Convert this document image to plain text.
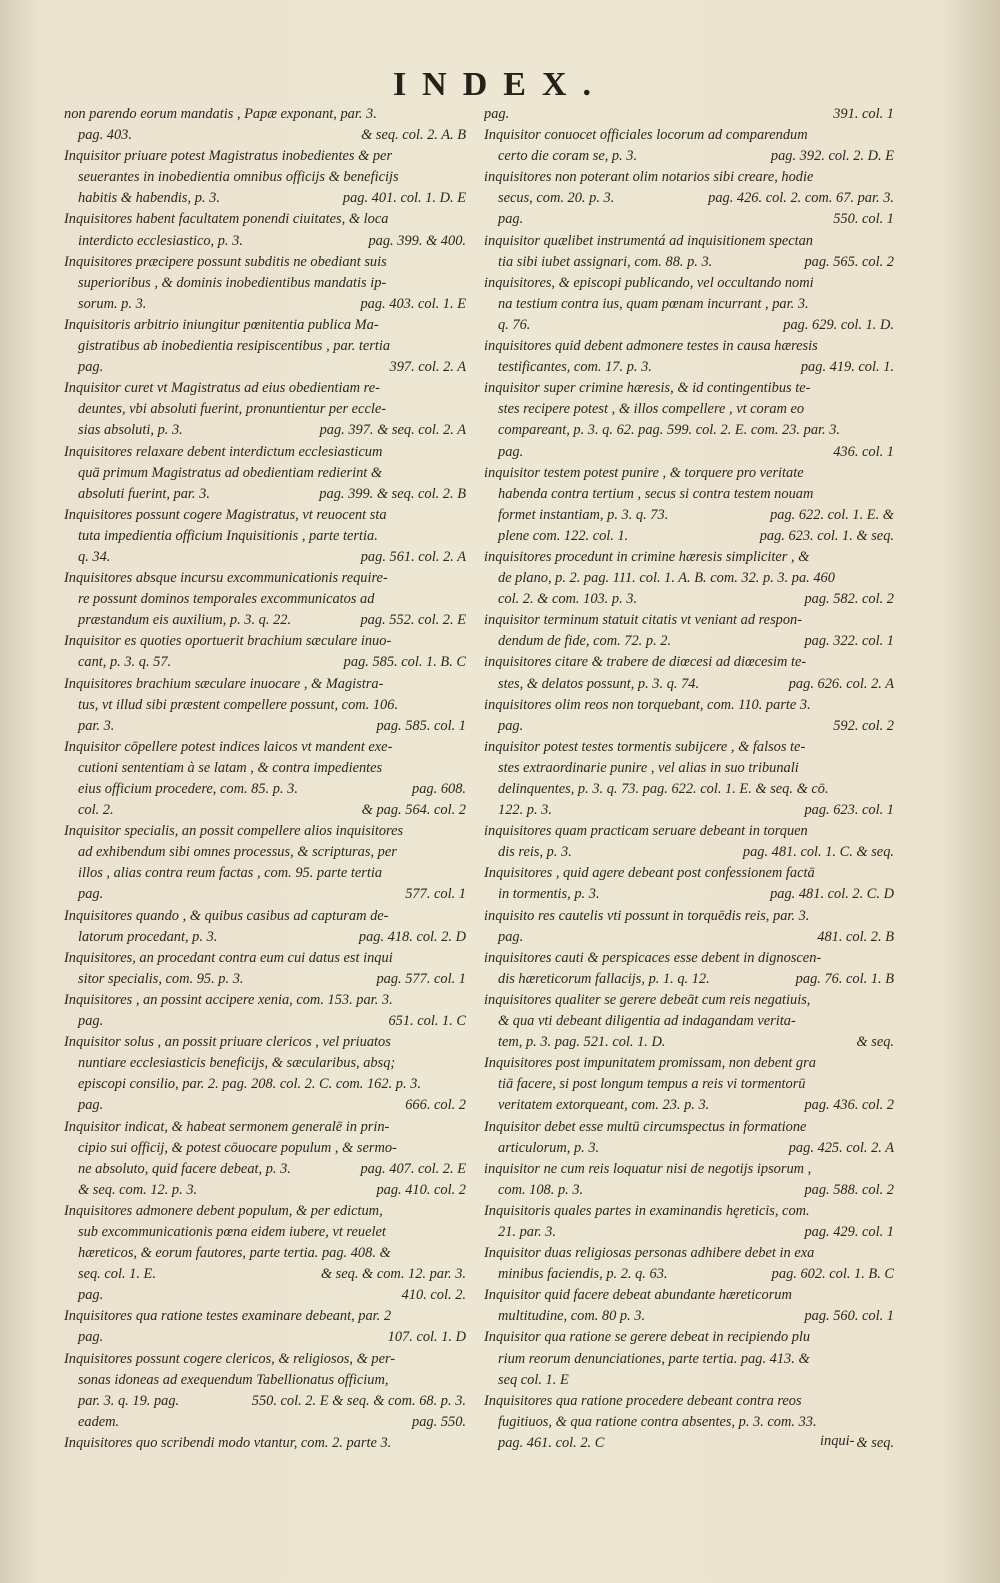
INDEX.
non parendo eorum mandatis , Papæ exponant, par. 3.
pag. 403.	& seq. col. 2. A. B
Inquisitor priuare potest Magistratus inobedientes & per
seuerantes in inobedientia omnibus officijs & beneficijs
habitis & habendis, p. 3.	pag. 401. col. 1. D. E
Inquisitores habent facultatem ponendi ciuitates, & loca
interdicto ecclesiastico, p. 3.	pag. 399. & 400.
Inquisitores præcipere possunt subditis ne obediant suis
superioribus , & dominis inobedientibus mandatis ip-
sorum. p. 3.	pag. 403. col. 1. E
Inquisitoris arbitrio iniungitur pœnitentia publica Ma-
gistratibus ab inobedientia resipiscentibus , par. tertia
pag.	397. col. 2. A
Inquisitor curet vt Magistratus ad eius obedientiam re-
deuntes, vbi absoluti fuerint, pronuntientur per eccle-
sias absoluti, p. 3.	pag. 397. & seq. col. 2. A
Inquisitores relaxare debent interdictum ecclesiasticum
quā primum Magistratus ad obedientiam redierint &
absoluti fuerint, par. 3.	pag. 399. & seq. col. 2. B
Inquisitores possunt cogere Magistratus, vt reuocent sta
tuta impedientia officium Inquisitionis , parte tertia.
q. 34.	pag. 561. col. 2. A
Inquisitores absque incursu excommunicationis require-
re possunt dominos temporales excommunicatos ad
præstandum eis auxilium, p. 3. q. 22.	pag. 552. col. 2. E
Inquisitor es quoties oportuerit brachium sæculare inuo-
cant, p. 3. q. 57.	pag. 585. col. 1. B. C
Inquisitores brachium sæculare inuocare , & Magistra-
tus, vt illud sibi præstent compellere possunt, com. 106.
par. 3.	pag. 585. col. 1
Inquisitor cōpellere potest indices laicos vt mandent exe-
cutioni sententiam à se latam , & contra impedientes
eius officium procedere, com. 85. p. 3.	pag. 608.
col. 2.	& pag. 564. col. 2
Inquisitor specialis, an possit compellere alios inquisitores
ad exhibendum sibi omnes processus, & scripturas, per
illos , alias contra reum factas , com. 95. parte tertia
pag.	577. col. 1
Inquisitores quando , & quibus casibus ad capturam de-
latorum procedant, p. 3.	pag. 418. col. 2. D
Inquisitores, an procedant contra eum cui datus est inqui
sitor specialis, com. 95. p. 3.	pag. 577. col. 1
Inquisitores , an possint accipere xenia, com. 153. par. 3.
pag.	651. col. 1. C
Inquisitor solus , an possit priuare clericos , vel priuatos
nuntiare ecclesiasticis beneficijs, & sæcularibus, absq;
episcopi consilio, par. 2. pag. 208. col. 2. C. com. 162. p. 3.
pag.	666. col. 2
Inquisitor indicat, & habeat sermonem generalē in prin-
cipio sui officij, & potest cōuocare populum , & sermo-
ne absoluto, quid facere debeat, p. 3.	pag. 407. col. 2. E
& seq. com. 12. p. 3.	pag. 410. col. 2
Inquisitores admonere debent populum, & per edictum,
sub excommunicationis pœna eidem iubere, vt reuelet
hæreticos, & eorum fautores, parte tertia. pag. 408. &
seq. col. 1. E.	& seq. & com. 12. par. 3.
pag.	410. col. 2.
Inquisitores qua ratione testes examinare debeant, par. 2
pag.	107. col. 1. D
Inquisitores possunt cogere clericos, & religiosos, & per-
sonas idoneas ad exequendum Tabellionatus officium,
par. 3. q. 19. pag.	550. col. 2. E & seq. & com. 68. p. 3.
eadem.	pag. 550.
Inquisitores quo scribendi modo vtantur, com. 2. parte 3.
pag.	391. col. 1
Inquisitor conuocet officiales locorum ad comparendum
certo die coram se, p. 3.	pag. 392. col. 2. D. E
inquisitores non poterant olim notarios sibi creare, hodie
secus, com. 20. p. 3.	pag. 426. col. 2. com. 67. par. 3.
pag.	550. col. 1
inquisitor quælibet instrumentá ad inquisitionem spectan
tia sibi iubet assignari, com. 88. p. 3.	pag. 565. col. 2
inquisitores, & episcopi publicando, vel occultando nomi
na testium contra ius, quam pœnam incurrant , par. 3.
q. 76.	pag. 629. col. 1. D.
inquisitores quid debent admonere testes in causa hæresis
testificantes, com. 17. p. 3.	pag. 419. col. 1.
inquisitor super crimine hæresis, & id contingentibus te-
stes recipere potest , & illos compellere , vt coram eo
compareant, p. 3. q. 62. pag. 599. col. 2. E. com. 23. par. 3.
pag.	436. col. 1
inquisitor testem potest punire , & torquere pro veritate
habenda contra tertium , secus si contra testem nouam
formet instantiam, p. 3. q. 73.	pag. 622. col. 1. E. &
plene com. 122. col. 1.	pag. 623. col. 1. & seq.
inquisitores procedunt in crimine hæresis simpliciter , &
de plano, p. 2. pag. 111. col. 1. A. B. com. 32. p. 3. pa. 460
col. 2. & com. 103. p. 3.	pag. 582. col. 2
inquisitor terminum statuit citatis vt veniant ad respon-
dendum de fide, com. 72. p. 2.	pag. 322. col. 1
inquisitores citare & trabere de diœcesi ad diœcesim te-
stes, & delatos possunt, p. 3. q. 74.	pag. 626. col. 2. A
inquisitores olim reos non torquebant, com. 110. parte 3.
pag.	592. col. 2
inquisitor potest testes tormentis subijcere , & falsos te-
stes extraordinarie punire , vel alias in suo tribunali
delinquentes, p. 3. q. 73. pag. 622. col. 1. E. & seq. & cō.
122. p. 3.	pag. 623. col. 1
inquisitores quam practicam seruare debeant in torquen
dis reis, p. 3.	pag. 481. col. 1. C. & seq.
Inquisitores , quid agere debeant post confessionem factā
in tormentis, p. 3.	pag. 481. col. 2. C. D
inquisito res cautelis vti possunt in torquēdis reis, par. 3.
pag.	481. col. 2. B
inquisitores cauti & perspicaces esse debent in dignoscen-
dis hæreticorum fallacijs, p. 1. q. 12.	pag. 76. col. 1. B
inquisitores qualiter se gerere debeāt cum reis negatiuis,
& qua vti debeant diligentia ad indagandam verita-
tem, p. 3. pag. 521. col. 1. D.	& seq.
Inquisitores post impunitatem promissam, non debent gra
tiā facere, si post longum tempus a reis vi tormentorū
veritatem extorqueant, com. 23. p. 3.	pag. 436. col. 2
Inquisitor debet esse multū circumspectus in formatione
articulorum, p. 3.	pag. 425. col. 2. A
inquisitor ne cum reis loquatur nisi de negotijs ipsorum ,
com. 108. p. 3.	pag. 588. col. 2
Inquisitoris quales partes in examinandis hęreticis, com.
21. par. 3.	pag. 429. col. 1
Inquisitor duas religiosas personas adhibere debet in exa
minibus faciendis, p. 2. q. 63.	pag. 602. col. 1. B. C
Inquisitor quid facere debeat abundante hæreticorum
multitudine, com. 80 p. 3.	pag. 560. col. 1
Inquisitor qua ratione se gerere debeat in recipiendo plu
rium reorum denunciationes, parte tertia. pag. 413. &
seq col. 1. E
Inquisitores qua ratione procedere debeant contra reos
fugitiuos, & qua ratione contra absentes, p. 3. com. 33.
pag. 461. col. 2. C	& seq.
inqui-
